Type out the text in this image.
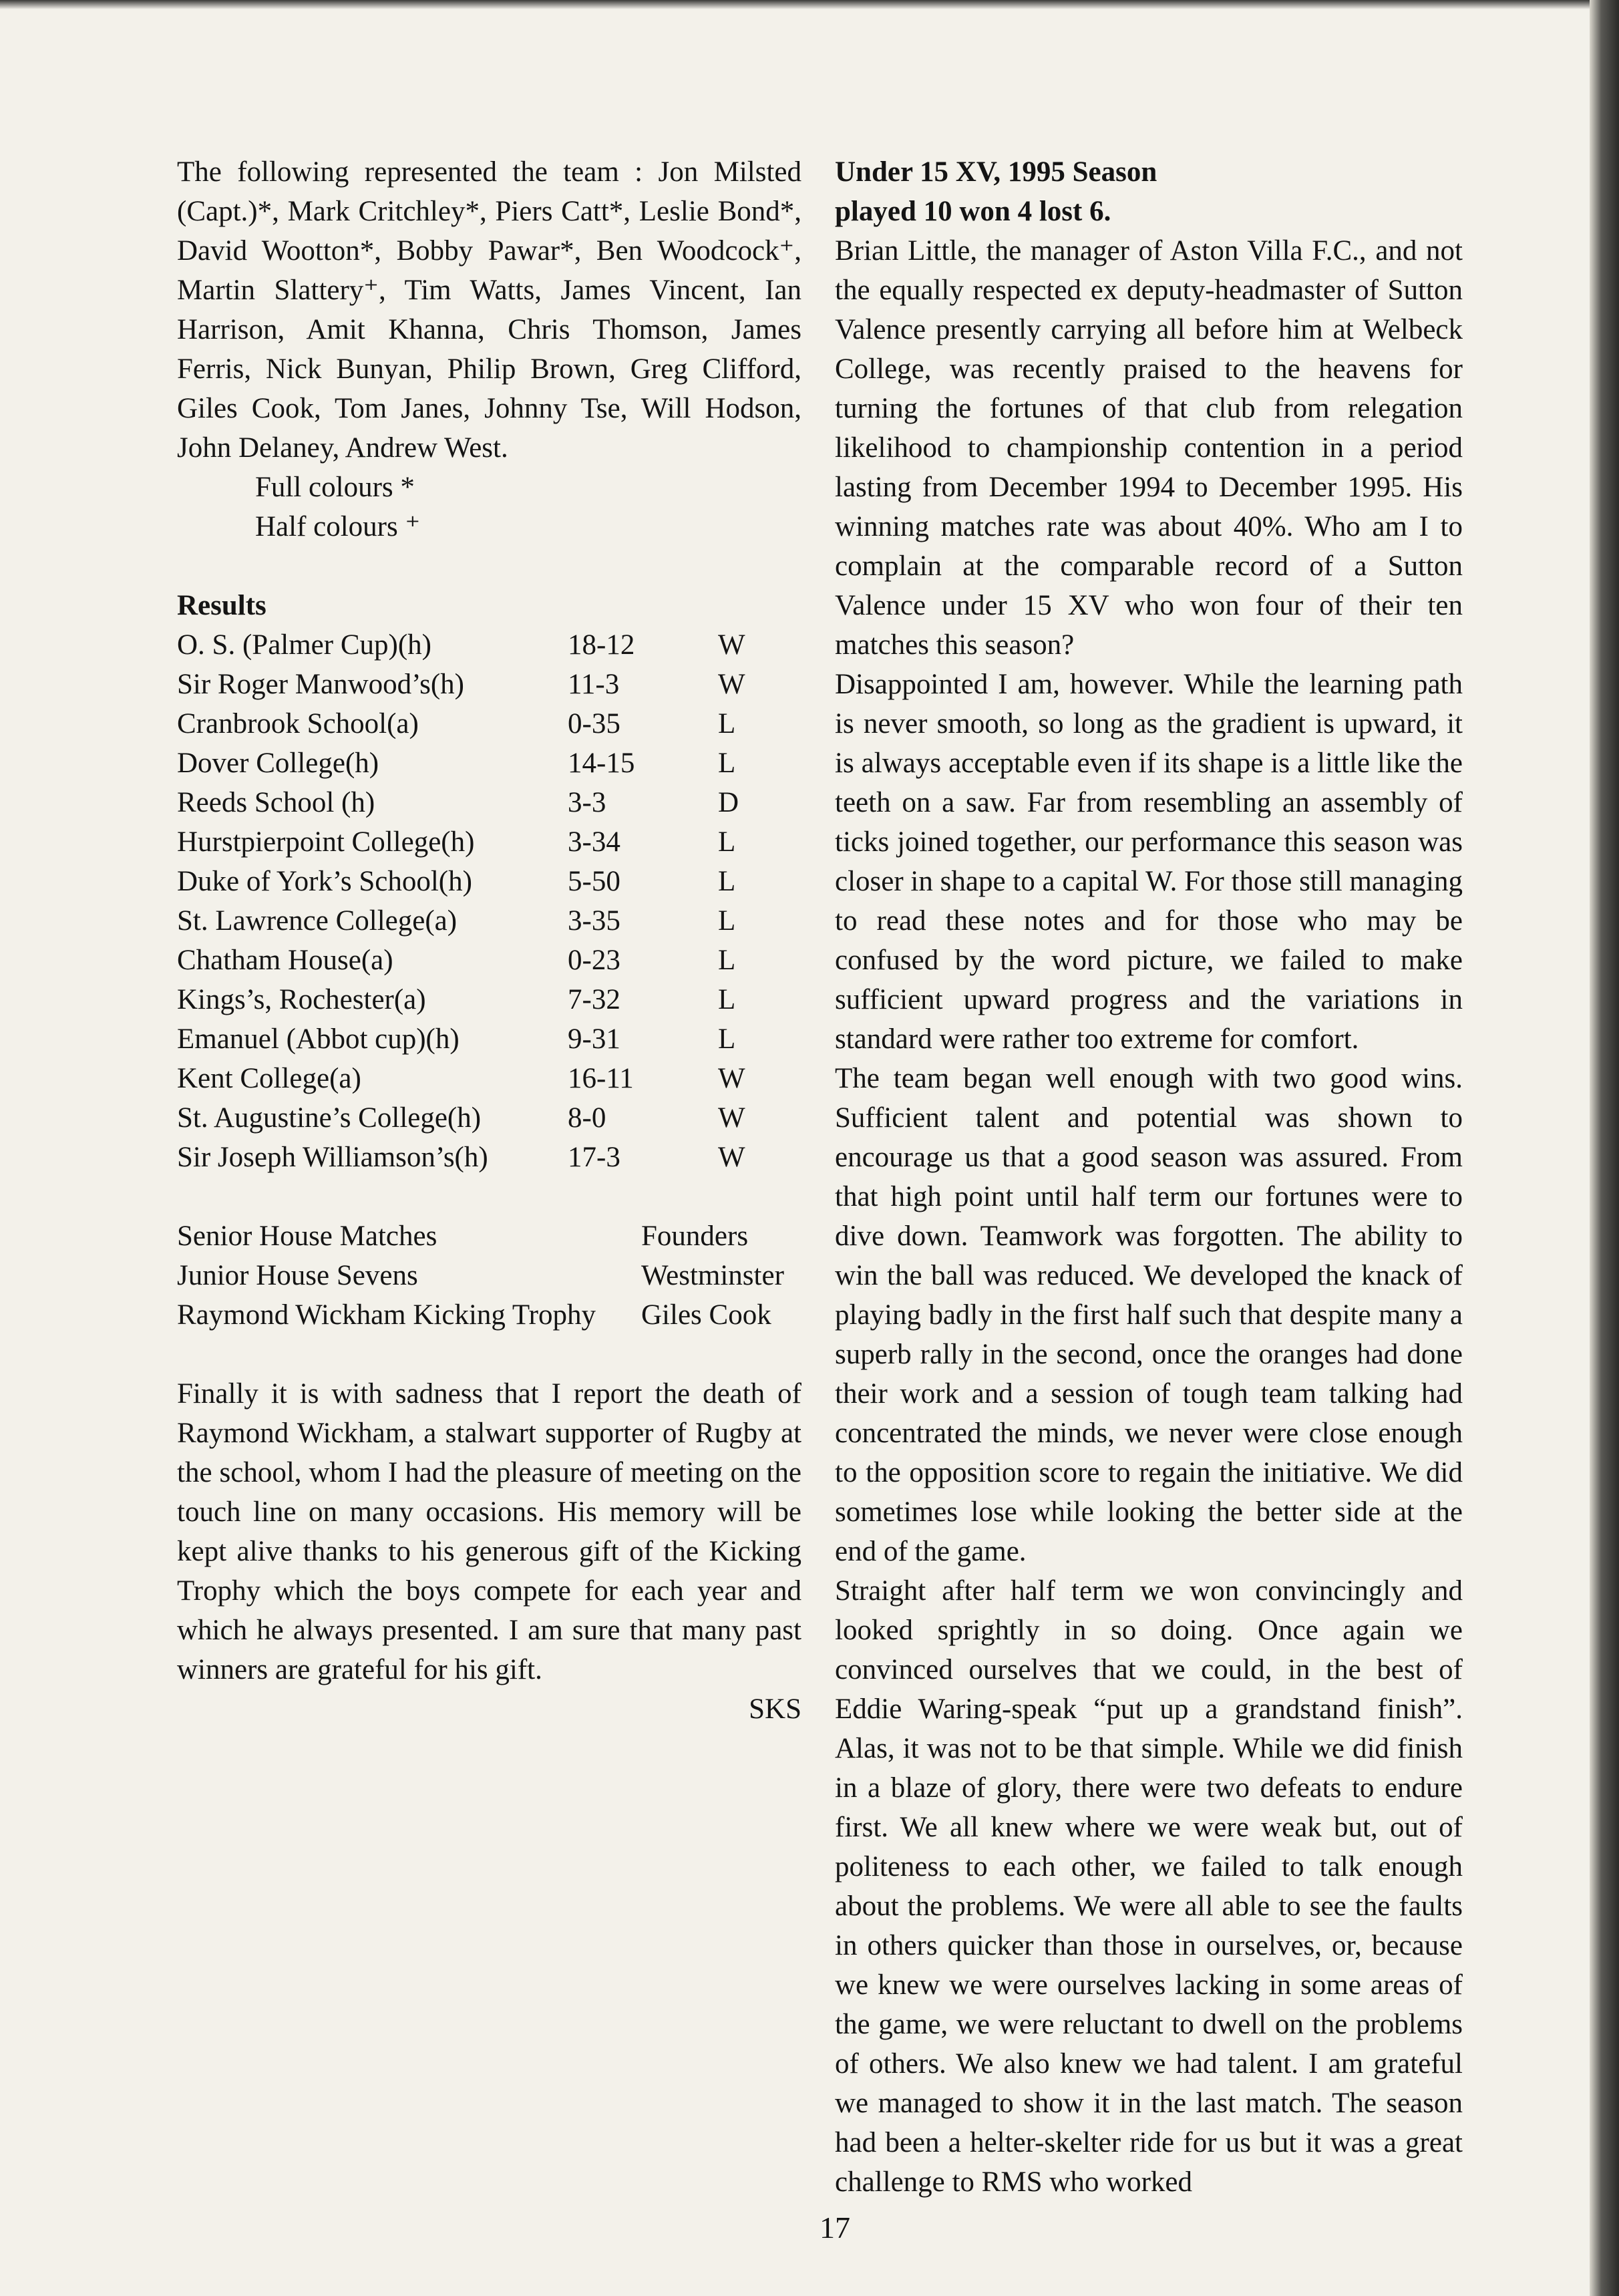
The following represented the team : Jon Milsted (Capt.)*, Mark Critchley*, Piers Catt*, Leslie Bond*, David Wootton*, Bobby Pawar*, Ben Woodcock⁺, Martin Slattery⁺, Tim Watts, James Vincent, Ian Harrison, Amit Khanna, Chris Thomson, James Ferris, Nick Bunyan, Philip Brown, Greg Clifford, Giles Cook, Tom Janes, Johnny Tse, Will Hodson, John Delaney, Andrew West.

Full colours *
Half colours ⁺
Results
O. S. (Palmer Cup)(h)	18-12	W
Sir Roger Manwood’s(h)	11-3	W
Cranbrook School(a)	0-35	L
Dover College(h)	14-15	L
Reeds School (h)	3-3	D
Hurstpierpoint College(h)	3-34	L
Duke of York’s School(h)	5-50	L
St. Lawrence College(a)	3-35	L
Chatham House(a)	0-23	L
Kings’s, Rochester(a)	7-32	L
Emanuel (Abbot cup)(h)	9-31	L
Kent College(a)	16-11	W
St. Augustine’s College(h)	8-0	W
Sir Joseph Williamson’s(h)	17-3	W
Senior House Matches	Founders
Junior House Sevens	Westminster
Raymond Wickham Kicking Trophy	Giles Cook

Finally it is with sadness that I report the death of Raymond Wickham, a stalwart supporter of Rugby at the school, whom I had the pleasure of meeting on the touch line on many occasions. His memory will be kept alive thanks to his generous gift of the Kicking Trophy which the boys compete for each year and which he always presented. I am sure that many past winners are grateful for his gift.

SKS
Under 15 XV, 1995 Season
played 10 won 4 lost 6.

Brian Little, the manager of Aston Villa F.C., and not the equally respected ex deputy-headmaster of Sutton Valence presently carrying all before him at Welbeck College, was recently praised to the heavens for turning the fortunes of that club from relegation likelihood to championship contention in a period lasting from December 1994 to December 1995. His winning matches rate was about 40%. Who am I to complain at the comparable record of a Sutton Valence under 15 XV who won four of their ten matches this season?

Disappointed I am, however. While the learning path is never smooth, so long as the gradient is upward, it is always acceptable even if its shape is a little like the teeth on a saw. Far from resembling an assembly of ticks joined together, our performance this season was closer in shape to a capital W. For those still managing to read these notes and for those who may be confused by the word picture, we failed to make sufficient upward progress and the variations in standard were rather too extreme for comfort.

The team began well enough with two good wins. Sufficient talent and potential was shown to encourage us that a good season was assured. From that high point until half term our fortunes were to dive down. Teamwork was forgotten. The ability to win the ball was reduced. We developed the knack of playing badly in the first half such that despite many a superb rally in the second, once the oranges had done their work and a session of tough team talking had concentrated the minds, we never were close enough to the opposition score to regain the initiative. We did sometimes lose while looking the better side at the end of the game.

Straight after half term we won convincingly and looked sprightly in so doing. Once again we convinced ourselves that we could, in the best of Eddie Waring-speak “put up a grandstand finish”. Alas, it was not to be that simple. While we did finish in a blaze of glory, there were two defeats to endure first. We all knew where we were weak but, out of politeness to each other, we failed to talk enough about the problems. We were all able to see the faults in others quicker than those in ourselves, or, because we knew we were ourselves lacking in some areas of the game, we were reluctant to dwell on the problems of others. We also knew we had talent. I am grateful we managed to show it in the last match. The season had been a helter-skelter ride for us but it was a great challenge to RMS who worked

17
